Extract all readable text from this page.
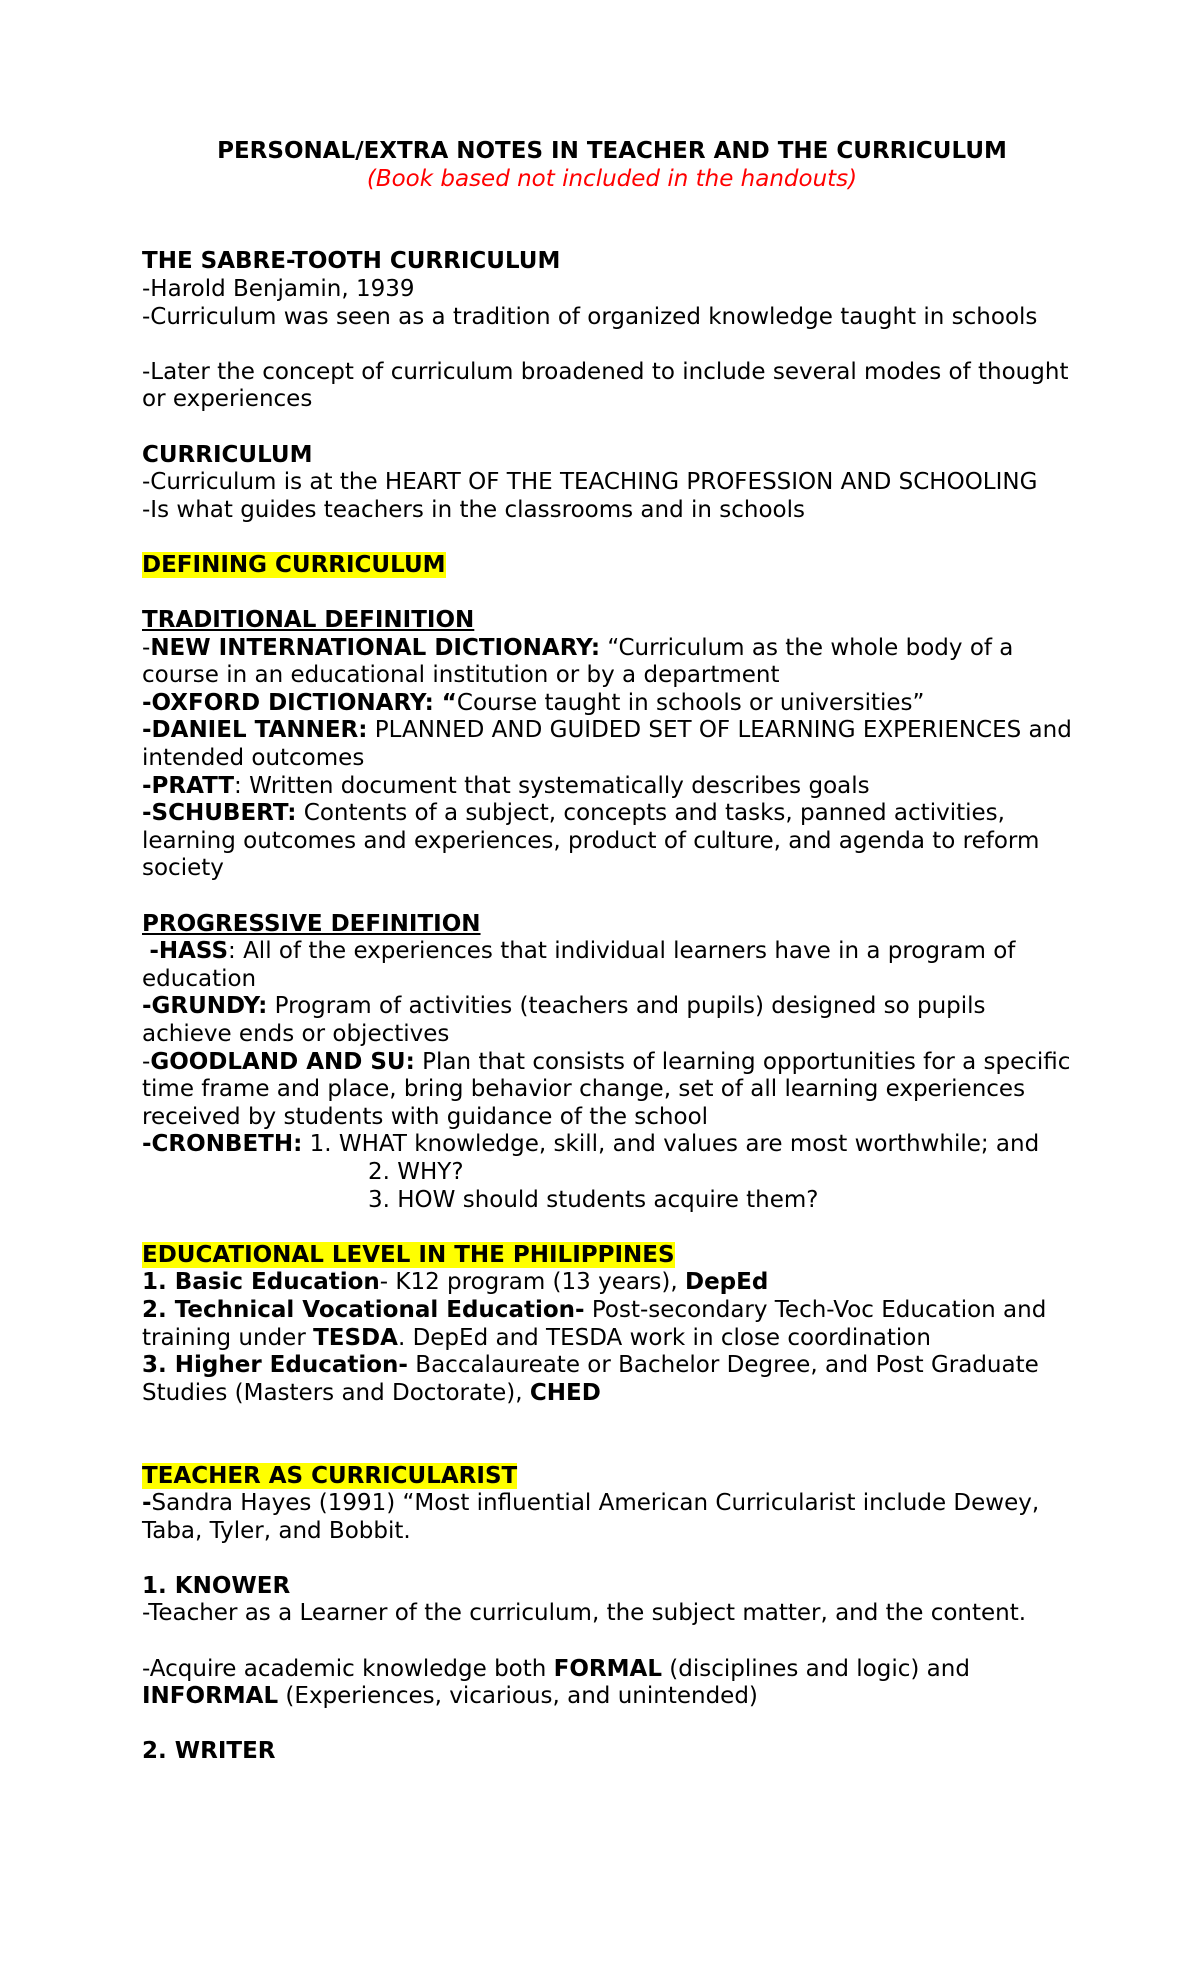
PERSONAL/EXTRA NOTES IN TEACHER AND THE CURRICULUM

(Book based not included in the handouts)

THE SABRE-TOOTH CURRICULUM

-Harold Benjamin, 1939

-Curriculum was seen as a tradition of organized knowledge taught in schools

-Later the concept of curriculum broadened to include several modes of thought or experiences

CURRICULUM

-Curriculum is at the HEART OF THE TEACHING PROFESSION AND SCHOOLING

-Is what guides teachers in the classrooms and in schools

DEFINING CURRICULUM

TRADITIONAL DEFINITION

-NEW INTERNATIONAL DICTIONARY: “Curriculum as the whole body of a course in an educational institution or by a department

-OXFORD DICTIONARY: “Course taught in schools or universities”

-DANIEL TANNER: PLANNED AND GUIDED SET OF LEARNING EXPERIENCES and intended outcomes

-PRATT: Written document that systematically describes goals

-SCHUBERT: Contents of a subject, concepts and tasks, panned activities, learning outcomes and experiences, product of culture, and agenda to reform society

PROGRESSIVE DEFINITION

-HASS: All of the experiences that individual learners have in a program of education

-GRUNDY: Program of activities (teachers and pupils) designed so pupils achieve ends or objectives

-GOODLAND AND SU: Plan that consists of learning opportunities for a specific time frame and place, bring behavior change, set of all learning experiences received by students with guidance of the school

-CRONBETH: 1. WHAT knowledge, skill, and values are most worthwhile; and

2. WHY?

3. HOW should students acquire them?

EDUCATIONAL LEVEL IN THE PHILIPPINES

1. Basic Education- K12 program (13 years), DepEd

2. Technical Vocational Education- Post-secondary Tech-Voc Education and training under TESDA. DepEd and TESDA work in close coordination

3. Higher Education- Baccalaureate or Bachelor Degree, and Post Graduate Studies (Masters and Doctorate), CHED

TEACHER AS CURRICULARIST

-Sandra Hayes (1991) “Most influential American Curricularist include Dewey, Taba, Tyler, and Bobbit.

1. KNOWER

-Teacher as a Learner of the curriculum, the subject matter, and the content.

-Acquire academic knowledge both FORMAL (disciplines and logic) and INFORMAL (Experiences, vicarious, and unintended)

2. WRITER
